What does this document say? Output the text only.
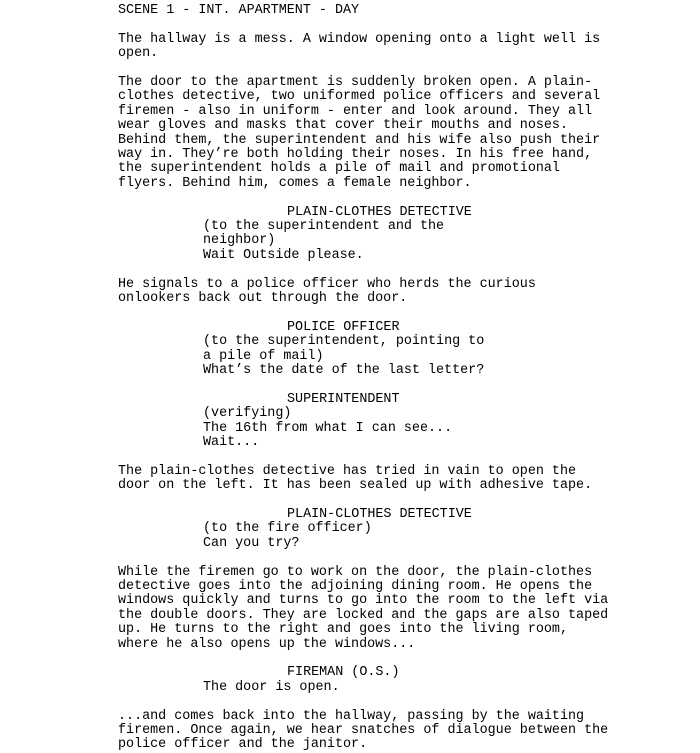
SCENE 1 - INT. APARTMENT - DAY
The hallway is a mess. A window opening onto a light well is
open.
The door to the apartment is suddenly broken open. A plain-
clothes detective, two uniformed police officers and several
firemen - also in uniform - enter and look around. They all
wear gloves and masks that cover their mouths and noses.
Behind them, the superintendent and his wife also push their
way in. They’re both holding their noses. In his free hand,
the superintendent holds a pile of mail and promotional
flyers. Behind him, comes a female neighbor.
PLAIN-CLOTHES DETECTIVE
(to the superintendent and the
neighbor)
Wait Outside please.
He signals to a police officer who herds the curious
onlookers back out through the door.
POLICE OFFICER
(to the superintendent, pointing to
a pile of mail)
What’s the date of the last letter?
SUPERINTENDENT
(verifying)
The 16th from what I can see...
Wait...
The plain-clothes detective has tried in vain to open the
door on the left. It has been sealed up with adhesive tape.
PLAIN-CLOTHES DETECTIVE
(to the fire officer)
Can you try?
While the firemen go to work on the door, the plain-clothes
detective goes into the adjoining dining room. He opens the
windows quickly and turns to go into the room to the left via
the double doors. They are locked and the gaps are also taped
up. He turns to the right and goes into the living room,
where he also opens up the windows...
FIREMAN (O.S.)
The door is open.
...and comes back into the hallway, passing by the waiting
firemen. Once again, we hear snatches of dialogue between the
police officer and the janitor.
